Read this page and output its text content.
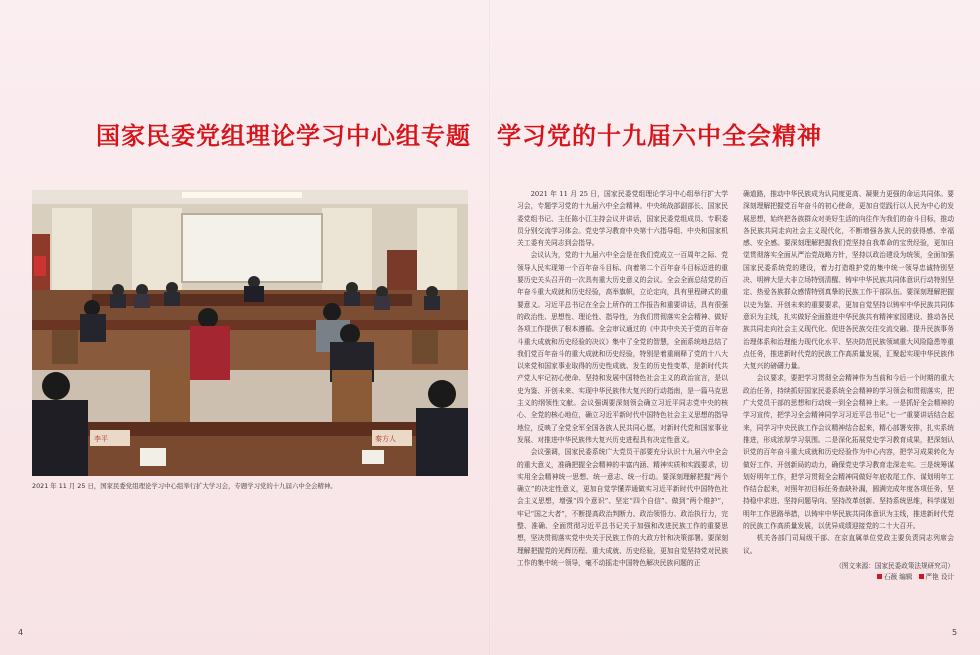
国家民委党组理论学习中心组专题 学习党的十九届六中全会精神
李平	秦方人
2021 年 11 月 25 日，国家民委党组理论学习中心组举行扩大学习会，专题学习党的十九届六中全会精神。

2021 年 11 月 25 日，国家民委党组理论学习中心组举行扩大学习会，专题学习党的十九届六中全会精神。中央统战部副部长、国家民委党组书记、主任陈小江主持会议并讲话，国家民委党组成员、专职委员分别交流学习体会。党史学习教育中央第十六指导组、中央和国家机关工委有关同志到会指导。

会议认为，党的十九届六中全会是在我们党成立一百周年之际、党领导人民实现第一个百年奋斗目标、向着第二个百年奋斗目标迈进的重要历史关头召开的一次具有重大历史意义的会议。全会全面总结党的百年奋斗重大成就和历史经验，高举旗帜，立论定向，具有里程碑式的重要意义。习近平总书记在全会上所作的工作报告和重要讲话，具有很强的政治性、思想性、理论性、指导性，为我们贯彻落实全会精神、做好各项工作提供了根本遵循。全会审议通过的《中共中央关于党的百年奋斗重大成就和历史经验的决议》集中了全党的智慧，全面系统地总结了我们党百年奋斗的重大成就和历史经验，特别是着重阐释了党的十八大以来党和国家事业取得的历史性成就、发生的历史性变革，是新时代共产党人牢记初心使命、坚持和发展中国特色社会主义的政治宣言，是以史为鉴、开创未来、实现中华民族伟大复兴的行动指南，是一篇马克思主义的纲领性文献。会议强调要深刻领会确立习近平同志党中央的核心、全党的核心地位，确立习近平新时代中国特色社会主义思想的指导地位，反映了全党全军全国各族人民共同心愿，对新时代党和国家事业发展、对推进中华民族伟大复兴历史进程具有决定性意义。

会议强调，国家民委系统广大党员干部要充分认识十九届六中全会的重大意义，准确把握全会精神的丰富内涵、精神实质和实践要求，切实用全会精神统一思想、统一意志、统一行动。要深刻理解把握“两个确立”的决定性意义，更加自觉学懂弄通做实习近平新时代中国特色社会主义思想，增强“四个意识”、坚定“四个自信”、做到“两个维护”，牢记“国之大者”，不断提高政治判断力、政治领悟力、政治执行力，完整、准确、全面贯彻习近平总书记关于加强和改进民族工作的重要思想，坚决贯彻落实党中央关于民族工作的大政方针和决策部署。要深刻理解把握党的光辉历程、重大成就、历史经验，更加自觉坚持党对民族工作的集中统一领导，毫不动摇走中国特色解决民族问题的正

确道路，推动中华民族成为认同度更高、凝聚力更强的命运共同体。要深刻理解把握党百年奋斗的初心使命，更加自觉践行以人民为中心的发展思想，始终把各族群众对美好生活的向往作为我们的奋斗目标，推动各民族共同走向社会主义现代化，不断增强各族人民的获得感、幸福感、安全感。要深刻理解把握我们党坚持自我革命的宝贵经验，更加自觉贯彻落实全面从严治党战略方针，坚持以政治建设为统领，全面加强国家民委系统党的建设，着力打造维护党的集中统一领导忠诚特别坚决、明辨大是大非立场特别清醒、铸牢中华民族共同体意识行动特别坚定、热爱各族群众感情特别真挚的民族工作干部队伍。要深刻理解把握以史为鉴、开创未来的重要要求，更加自觉坚持以铸牢中华民族共同体意识为主线，扎实做好全面推进中华民族共有精神家园建设、推动各民族共同走向社会主义现代化、促进各民族交往交流交融、提升民族事务治理体系和治理能力现代化水平、坚决防范民族领域重大风险隐患等重点任务，推进新时代党的民族工作高质量发展，汇聚起实现中华民族伟大复兴的磅礴力量。

会议要求，要把学习贯彻全会精神作为当前和今后一个时期的重大政治任务，持续抓好国家民委系统全会精神的学习领会和贯彻落实，把广大党员干部的思想和行动统一到全会精神上来。一是抓好全会精神的学习宣传，把学习全会精神同学习习近平总书记“七一”重要讲话结合起来，同学习中央民族工作会议精神结合起来，精心部署安排，扎实系统推进，形成浓厚学习氛围。二是深化拓展党史学习教育成果，把深刻认识党的百年奋斗重大成就和历史经验作为中心内容，把学习成果转化为做好工作、开创新局的动力，确保党史学习教育走深走实。三是统筹谋划好明年工作，把学习贯彻全会精神同做好年底收尾工作、谋划明年工作结合起来，对照年初目标任务查缺补漏，圆满完成年度各项任务，坚持稳中求进、坚持问题导向、坚持改革创新、坚持系统思维，科学谋划明年工作思路举措，以铸牢中华民族共同体意识为主线，推进新时代党的民族工作高质量发展，以优异成绩迎接党的二十大召开。

机关各部门司局级干部、在京直属单位党政主要负责同志列席会议。

（图文来源：国家民委政策法规研究司）
石薇 编辑 严艳 设计
4	5
